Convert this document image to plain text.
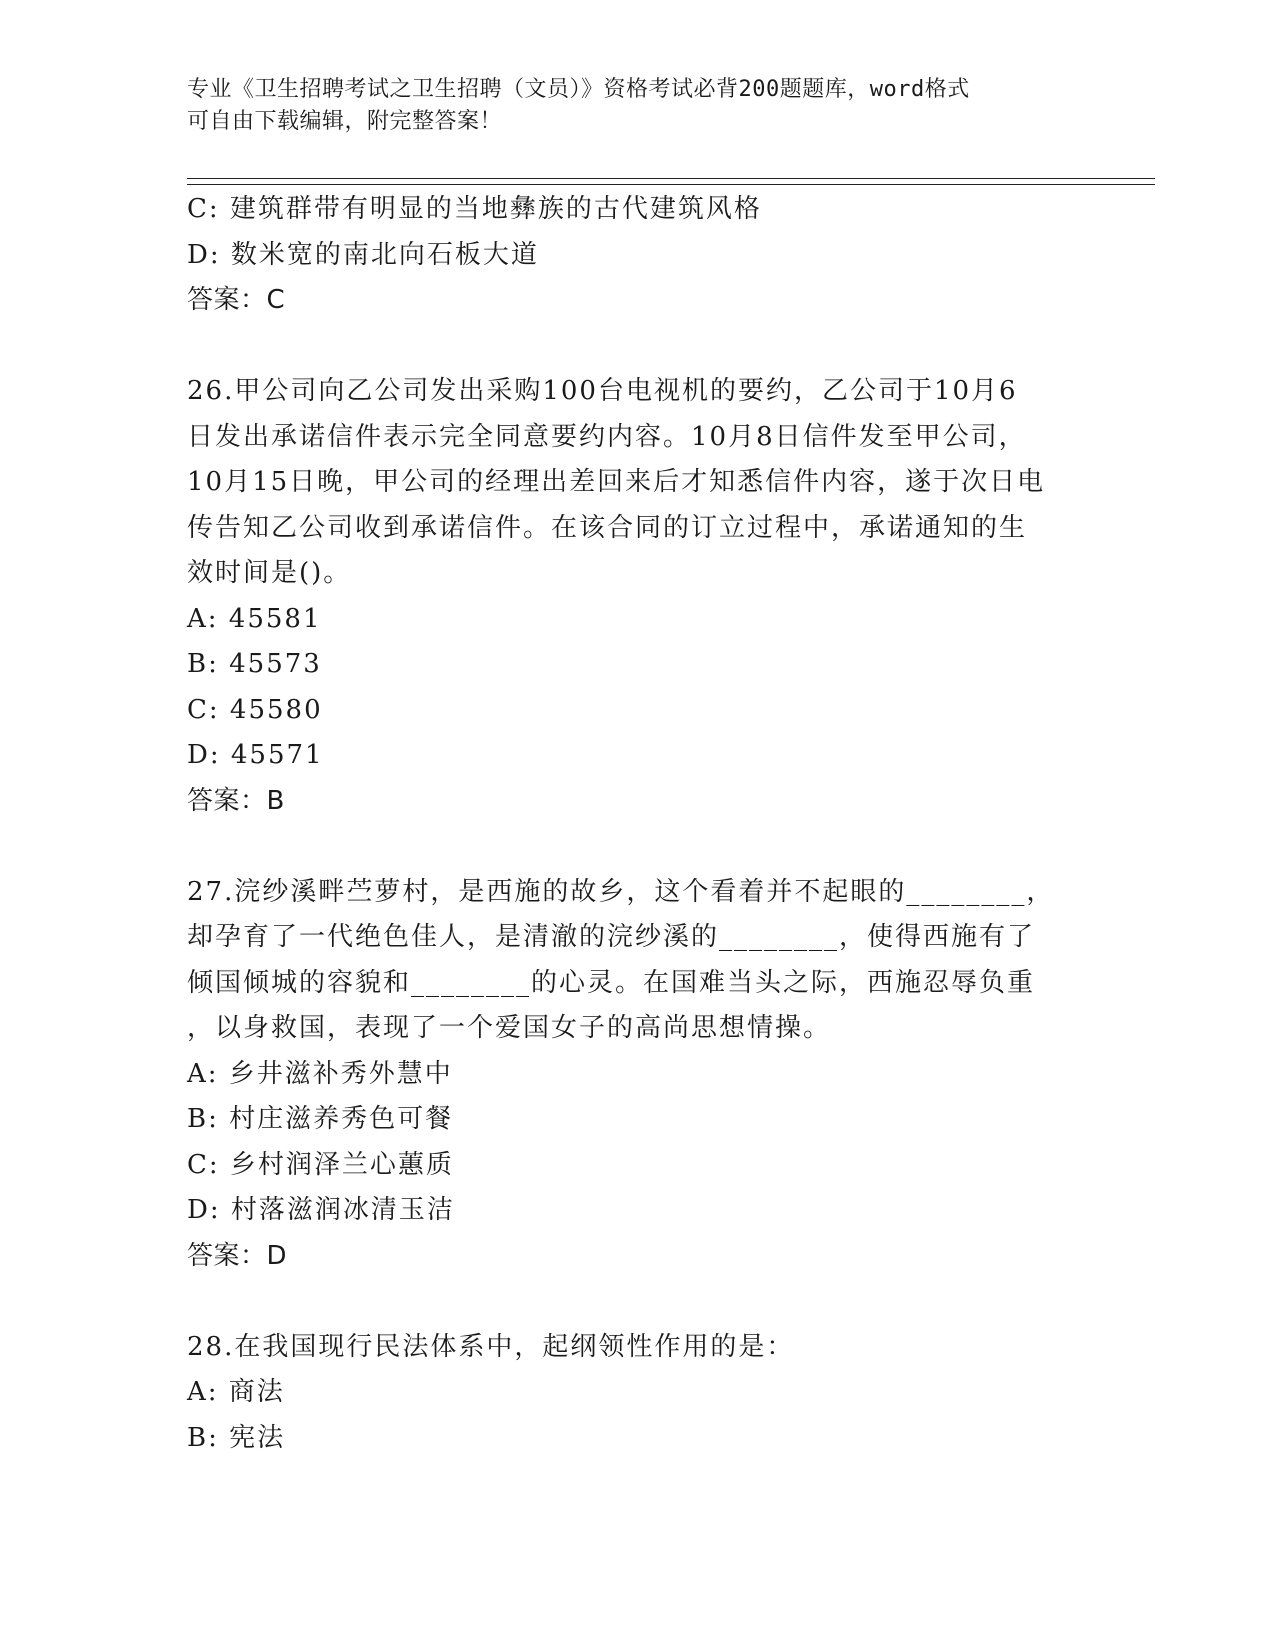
专业《卫生招聘考试之卫生招聘（文员）》资格考试必背200题题库，word格式
可自由下载编辑，附完整答案！
C: 建筑群带有明显的当地彝族的古代建筑风格
D: 数米宽的南北向石板大道
答案：C
26.甲公司向乙公司发出采购100台电视机的要约，乙公司于10月6
日发出承诺信件表示完全同意要约内容。10月8日信件发至甲公司，
10月15日晚，甲公司的经理出差回来后才知悉信件内容，遂于次日电
传告知乙公司收到承诺信件。在该合同的订立过程中，承诺通知的生
效时间是()。
A: 45581
B: 45573
C: 45580
D: 45571
答案：B
27.浣纱溪畔苎萝村，是西施的故乡，这个看着并不起眼的________，
却孕育了一代绝色佳人，是清澈的浣纱溪的________，使得西施有了
倾国倾城的容貌和________的心灵。在国难当头之际，西施忍辱负重
，以身救国，表现了一个爱国女子的高尚思想情操。
A: 乡井滋补秀外慧中
B: 村庄滋养秀色可餐
C: 乡村润泽兰心蕙质
D: 村落滋润冰清玉洁
答案：D
28.在我国现行民法体系中，起纲领性作用的是：
A: 商法
B: 宪法
